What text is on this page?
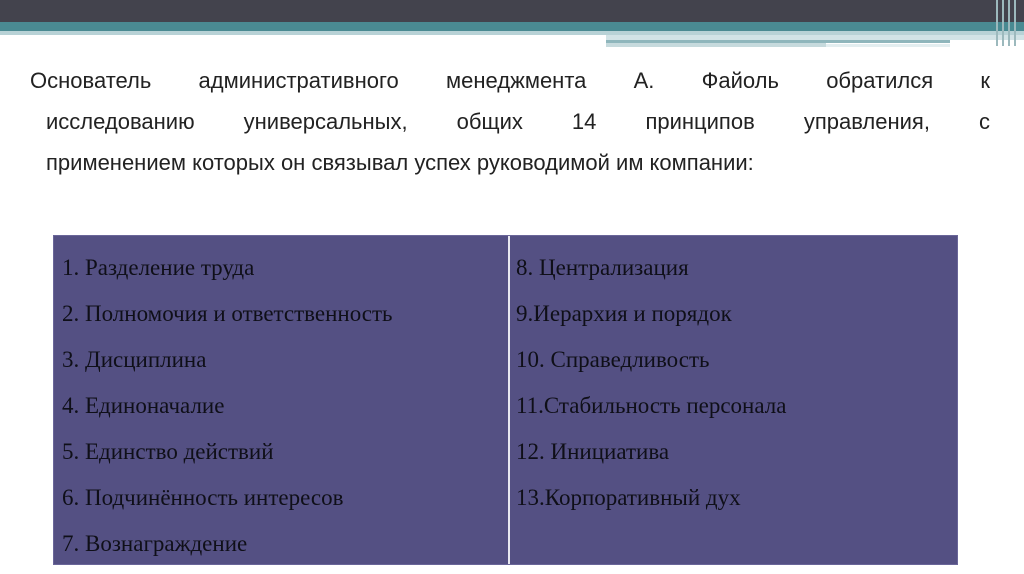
Основатель административного менеджмента А. Файоль обратился к
исследованию универсальных, общих 14 принципов управления, с
применением которых он связывал успех руководимой им компании:
1. Разделение труда
2. Полномочия и ответственность
3. Дисциплина
4. Единоначалие
5. Единство действий
6. Подчинённость интересов
7. Вознаграждение
8. Централизация
9.Иерархия и порядок
10. Справедливость
11.Стабильность персонала
12. Инициатива
13.Корпоративный дух
